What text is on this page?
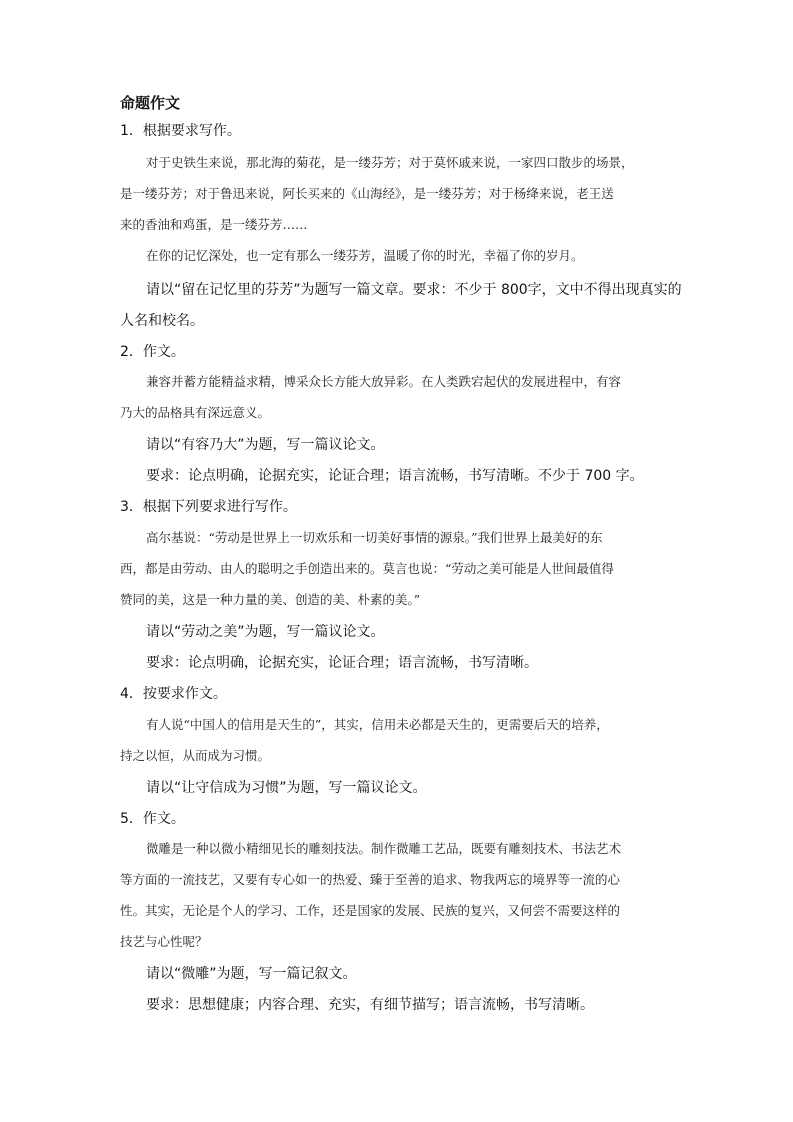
命题作文
1．根据要求写作。
对于史铁生来说，那北海的菊花，是一缕芬芳；对于莫怀戚来说，一家四口散步的场景，
是一缕芬芳；对于鲁迅来说，阿长买来的《山海经》，是一缕芬芳；对于杨绛来说，老王送
来的香油和鸡蛋，是一缕芬芳……
在你的记忆深处，也一定有那么一缕芬芳，温暖了你的时光，幸福了你的岁月。
请以“留在记忆里的芬芳”为题写一篇文章。要求：不少于 800字，文中不得出现真实的
人名和校名。
2．作文。
兼容并蓄方能精益求精，博采众长方能大放异彩。在人类跌宕起伏的发展进程中，有容
乃大的品格具有深远意义。
请以“有容乃大”为题，写一篇议论文。
要求：论点明确，论据充实，论证合理；语言流畅，书写清晰。不少于 700 字。
3．根据下列要求进行写作。
高尔基说：“劳动是世界上一切欢乐和一切美好事情的源泉。”我们世界上最美好的东
西，都是由劳动、由人的聪明之手创造出来的。莫言也说：“劳动之美可能是人世间最值得
赞同的美，这是一种力量的美、创造的美、朴素的美。”
请以“劳动之美”为题，写一篇议论文。
要求：论点明确，论据充实，论证合理；语言流畅，书写清晰。
4．按要求作文。
有人说“中国人的信用是天生的”，其实，信用未必都是天生的，更需要后天的培养，
持之以恒，从而成为习惯。
请以“让守信成为习惯”为题，写一篇议论文。
5．作文。
微雕是一种以微小精细见长的雕刻技法。制作微雕工艺品，既要有雕刻技术、书法艺术
等方面的一流技艺，又要有专心如一的热爱、臻于至善的追求、物我两忘的境界等一流的心
性。其实，无论是个人的学习、工作，还是国家的发展、民族的复兴，又何尝不需要这样的
技艺与心性呢？
请以“微雕”为题，写一篇记叙文。
要求：思想健康；内容合理、充实，有细节描写；语言流畅，书写清晰。
